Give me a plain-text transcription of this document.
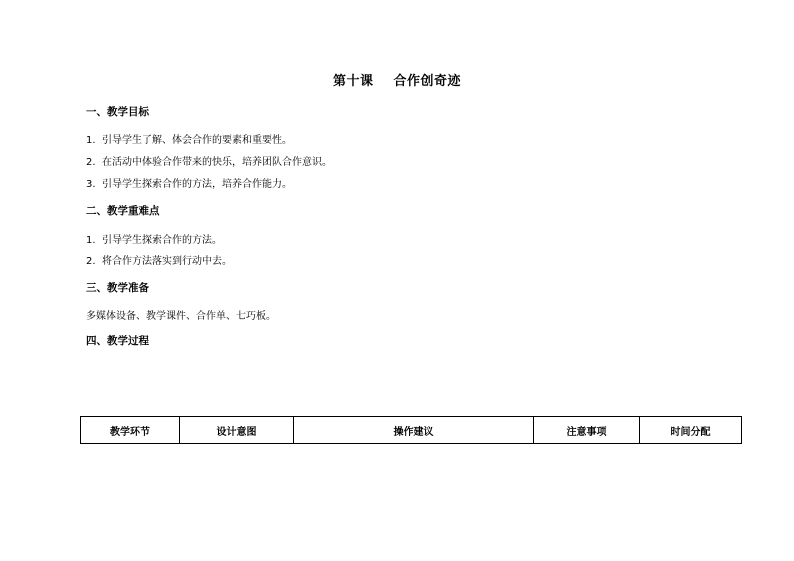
第十课    合作创奇迹
一、教学目标
1. 引导学生了解、体会合作的要素和重要性。
2. 在活动中体验合作带来的快乐，培养团队合作意识。
3. 引导学生探索合作的方法，培养合作能力。
二、教学重难点
1. 引导学生探索合作的方法。
2. 将合作方法落实到行动中去。
三、教学准备
多媒体设备、教学课件、合作单、七巧板。
四、教学过程
教学环节	设计意图	操作建议	注意事项	时间分配
